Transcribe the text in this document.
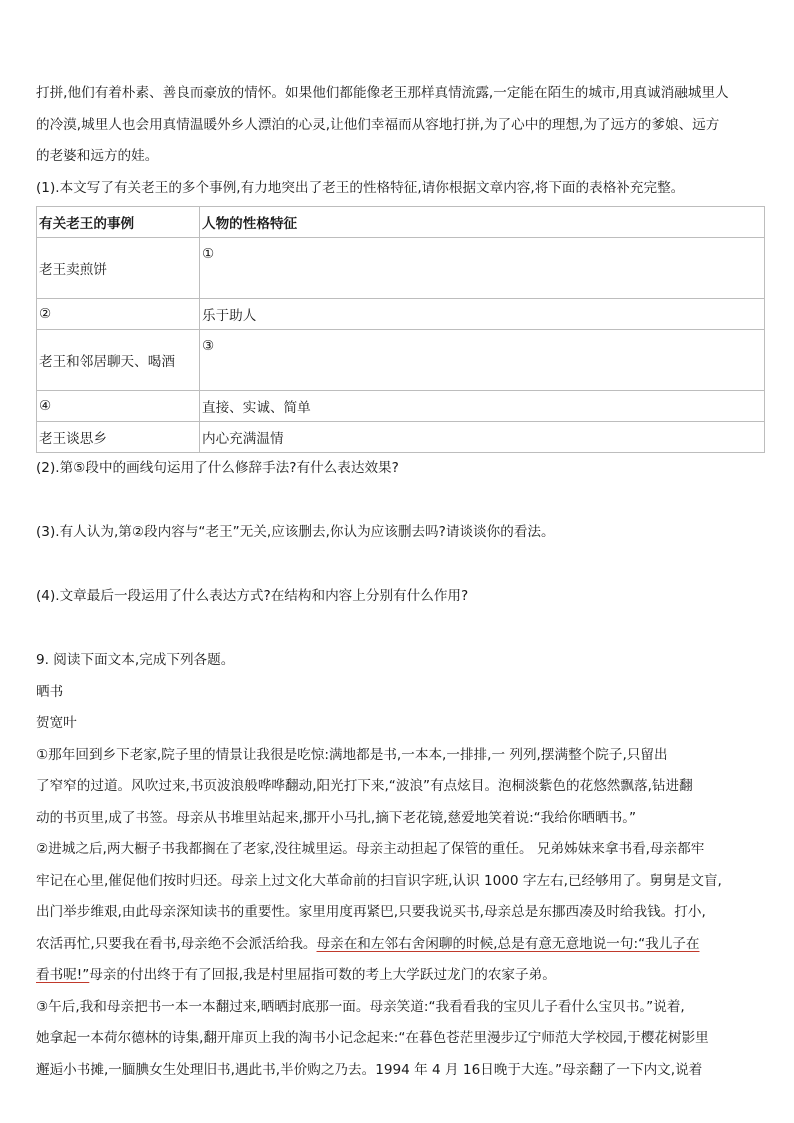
打拼,他们有着朴素、善良而豪放的情怀。如果他们都能像老王那样真情流露,一定能在陌生的城市,用真诚消融城里人

的冷漠,城里人也会用真情温暖外乡人漂泊的心灵,让他们幸福而从容地打拼,为了心中的理想,为了远方的爹娘、远方

的老婆和远方的娃。

(1).本文写了有关老王的多个事例,有力地突出了老王的性格特征,请你根据文章内容,将下面的表格补充完整。

有关老王的事例	人物的性格特征

老王卖煎饼	①

②	乐于助人

老王和邻居聊天、喝酒	③

④	直接、实诚、简单
老王谈思乡	内心充满温情

(2).第⑤段中的画线句运用了什么修辞手法?有什么表达效果?

(3).有人认为,第②段内容与“老王”无关,应该删去,你认为应该删去吗?请谈谈你的看法。

(4).文章最后一段运用了什么表达方式?在结构和内容上分别有什么作用?

9. 阅读下面文本,完成下列各题。

晒书

贺宽叶

①那年回到乡下老家,院子里的情景让我很是吃惊:满地都是书,一本本,一排排,一 列列,摆满整个院子,只留出

了窄窄的过道。风吹过来,书页波浪般哗哗翻动,阳光打下来,“波浪”有点炫目。泡桐淡紫色的花悠然飘落,钻进翻

动的书页里,成了书签。母亲从书堆里站起来,挪开小马扎,摘下老花镜,慈爱地笑着说:“我给你晒晒书。”

②进城之后,两大橱子书我都搁在了老家,没往城里运。母亲主动担起了保管的重任。 兄弟姊妹来拿书看,母亲都牢

牢记在心里,催促他们按时归还。母亲上过文化大革命前的扫盲识字班,认识 1000 字左右,已经够用了。舅舅是文盲,

出门举步维艰,由此母亲深知读书的重要性。家里用度再紧巴,只要我说买书,母亲总是东挪西凑及时给我钱。打小,

农活再忙,只要我在看书,母亲绝不会派活给我。母亲在和左邻右舍闲聊的时候,总是有意无意地说一句:“我儿子在

看书呢!”母亲的付出终于有了回报,我是村里屈指可数的考上大学跃过龙门的农家子弟。

③午后,我和母亲把书一本一本翻过来,晒晒封底那一面。母亲笑道:“我看看我的宝贝儿子看什么宝贝书。”说着,

她拿起一本荷尔德林的诗集,翻开扉页上我的淘书小记念起来:“在暮色苍茫里漫步辽宁师范大学校园,于樱花树影里

邂逅小书摊,一腼腆女生处理旧书,遇此书,半价购之乃去。1994 年 4 月 16日晚于大连。”母亲翻了一下内文,说着
